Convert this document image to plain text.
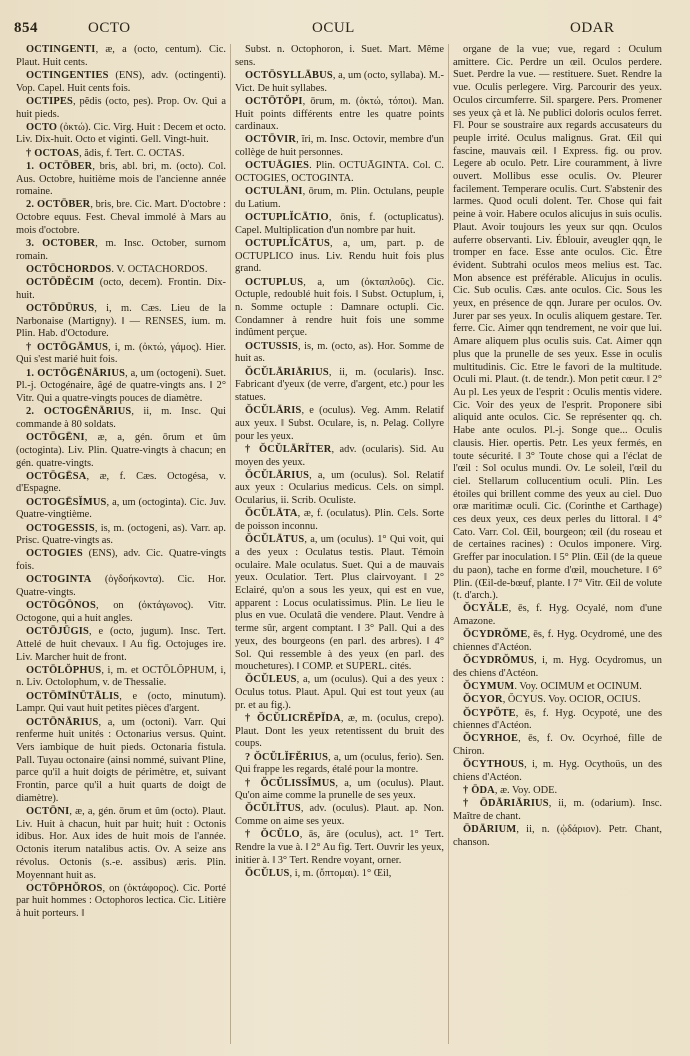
854	OCTO	OCUL	ODAR

OCTINGENTI, æ, a (octo, centum). Cic. Plaut. Huit cents.

OCTINGENTIES (ENS), adv. (octingenti). Vop. Capel. Huit cents fois.

OCTIPES, pĕdis (octo, pes). Prop. Ov. Qui a huit pieds.

OCTO (ὀκτώ). Cic. Virg. Huit : Decem et octo. Liv. Dix-huit. Octo et viginti. Gell. Vingt-huit.

† OCTOAS, ădis, f. Tert. C. OCTAS.

1. OCTŌBER, bris, abl. bri, m. (octo). Col. Aus. Octobre, huitième mois de l'ancienne année romaine.

2. OCTŌBER, bris, bre. Cic. Mart. D'octobre : Octobre equus. Fest. Cheval immolé à Mars au mois d'octobre.

3. OCTOBER, m. Insc. October, surnom romain.

OCTŌCHORDOS. V. OCTACHORDOS.

OCTŌDĔCIM (octo, decem). Frontin. Dix-huit.

OCTŌDŪRUS, i, m. Cæs. Lieu de la Narbonaise (Martigny). ‖ — RENSES, ium. m. Plin. Hab. d'Octodure.

† OCTŌGĀMUS, i, m. (ὀκτώ, γάμος). Hier. Qui s'est marié huit fois.

1. OCTŌGĒNĀRIUS, a, um (octogeni). Suet. Pl.-j. Octogénaire, âgé de quatre-vingts ans. ‖ 2° Vitr. Qui a quatre-vingts pouces de diamètre.

2. OCTOGĒNĀRIUS, ii, m. Insc. Qui commande à 80 soldats.

OCTŌGĒNI, æ, a, gén. ōrum et ûm (octoginta). Liv. Plin. Quatre-vingts à chacun; en gén. quatre-vingts.

OCTŌGĒSA, æ, f. Cæs. Octogésa, v. d'Espagne.

OCTOGĒSĬMUS, a, um (octoginta). Cic. Juv. Quatre-vingtième.

OCTOGESSIS, is, m. (octogeni, as). Varr. ap. Prisc. Quatre-vingts as.

OCTOGIES (ENS), adv. Cic. Quatre-vingts fois.

OCTOGINTA (ὀγδοήκοντα). Cic. Hor. Quatre-vingts.

OCTŌGŌNOS, on (ὀκτάγωνος). Vitr. Octogone, qui a huit angles.

OCTŌJŪGIS, e (octo, jugum). Insc. Tert. Attelé de huit chevaux. ‖ Au fig. Octojuges ire. Liv. Marcher huit de front.

OCTŌLŎPHUS, i, m. et OCTŌLŎPHUM, i, n. Liv. Octolophum, v. de Thessalie.

OCTŌMĪNŪTĀLIS, e (octo, minutum). Lampr. Qui vaut huit petites pièces d'argent.

OCTŌNĀRIUS, a, um (octoni). Varr. Qui renferme huit unités : Octonarius versus. Quint. Vers iambique de huit pieds. Octonaria fistula. Pall. Tuyau octonaire (ainsi nommé, suivant Pline, parce qu'il a huit doigts de périmètre, et, suivant Frontin, parce qu'il a huit quarts de doigt de diamètre).

OCTŌNI, æ, a, gén. ōrum et ûm (octo). Plaut. Liv. Huit à chacun, huit par huit; huit : Octonis idibus. Hor. Aux ides de huit mois de l'année. Octonis iterum natalibus actis. Ov. A seize ans révolus. Octonis (s.-e. assibus) æris. Plin. Moyennant huit as.

OCTŌPHŎROS, on (ὀκτάφορος). Cic. Porté par huit hommes : Octophoros lectica. Cic. Litière à huit porteurs. ‖

Subst. n. Octophoron, i. Suet. Mart. Même sens.

OCTŌSYLLĀBUS, a, um (octo, syllaba). M.-Vict. De huit syllabes.

OCTŌTŎPI, ōrum, m. (ὀκτώ, τόποι). Man. Huit points différents entre les quatre points cardinaux.

OCTŌVIR, ĭri, m. Insc. Octovir, membre d'un collège de huit personnes.

OCTUĀGIES. Plin. OCTUĀGINTA. Col. C. OCTOGIES, OCTOGINTA.

OCTULĀNI, ōrum, m. Plin. Octulans, peuple du Latium.

OCTUPLĬCĀTIO, ōnis, f. (octuplicatus). Capel. Multiplication d'un nombre par huit.

OCTUPLĬCĀTUS, a, um, part. p. de OCTUPLICO inus. Liv. Rendu huit fois plus grand.

OCTUPLUS, a, um (ὀκταπλοῦς). Cic. Octuple, redoublé huit fois. ‖ Subst. Octuplum, i, n. Somme octuple : Damnare octupli. Cic. Condamner à rendre huit fois une somme indûment perçue.

OCTUSSIS, is, m. (octo, as). Hor. Somme de huit as.

ŎCŬLĀRIĀRIUS, ii, m. (ocularis). Insc. Fabricant d'yeux (de verre, d'argent, etc.) pour les statues.

ŎCŬLĀRIS, e (oculus). Veg. Amm. Relatif aux yeux. ‖ Subst. Oculare, is, n. Pelag. Collyre pour les yeux.

† ŎCŬLĀRĬTER, adv. (ocularis). Sid. Au moyen des yeux.

ŎCŬLĀRIUS, a, um (oculus). Sol. Relatif aux yeux : Ocularius medicus. Cels. on simpl. Ocularius, ii. Scrib. Oculiste.

ŎCŬLĀTA, æ, f. (oculatus). Plin. Cels. Sorte de poisson inconnu.

ŎCŬLĀTUS, a, um (oculus). 1° Qui voit, qui a des yeux : Oculatus testis. Plaut. Témoin oculaire. Male oculatus. Suet. Qui a de mauvais yeux. Oculatior. Tert. Plus clairvoyant. ‖ 2° Eclairé, qu'on a sous les yeux, qui est en vue, apparent : Locus oculatissimus. Plin. Le lieu le plus en vue. Oculatâ die vendere. Plaut. Vendre à terme sûr, argent comptant. ‖ 3° Pall. Qui a des yeux, des bourgeons (en parl. des arbres). ‖ 4° Sol. Qui ressemble à des yeux (en parl. des mouchetures). ‖ COMP. et SUPERL. cités.

ŎCŬLEUS, a, um (oculus). Qui a des yeux : Oculus totus. Plaut. Apul. Qui est tout yeux (au pr. et au fig.).

† ŎCŬLICRĔPĬDA, æ, m. (oculus, crepo). Plaut. Dont les yeux retentissent du bruit des coups.

? ŎCŬLĬFĔRIUS, a, um (oculus, ferio). Sen. Qui frappe les regards, étalé pour la montre.

† ŎCŬLISSĬMUS, a, um (oculus). Plaut. Qu'on aime comme la prunelle de ses yeux.

ŎCŬLĬTUS, adv. (oculus). Plaut. ap. Non. Comme on aime ses yeux.

† ŎCŬLO, ās, āre (oculus), act. 1° Tert. Rendre la vue à. ‖ 2° Au fig. Tert. Ouvrir les yeux, initier à. ‖ 3° Tert. Rendre voyant, orner.

ŎCŬLUS, i, m. (ὄπτομαι). 1° Œil,

organe de la vue; vue, regard : Oculum amittere. Cic. Perdre un œil. Oculos perdere. Suet. Perdre la vue. — restituere. Suet. Rendre la vue. Oculis perlegere. Virg. Parcourir des yeux. Oculos circumferre. Sil. spargere. Pers. Promener ses yeux çà et là. Ne publici doloris oculos ferret. Fl. Pour se soustraire aux regards accusateurs du peuple irrité. Oculus malignus. Grat. Œil qui fascine, mauvais œil. ‖ Express. fig. ou prov. Legere ab oculo. Petr. Lire couramment, à livre ouvert. Mollibus esse oculis. Ov. Pleurer facilement. Temperare oculis. Curt. S'abstenir des larmes. Quod oculi dolent. Ter. Chose qui fait peine à voir. Habere oculos alicujus in suis oculis. Plaut. Avoir toujours les yeux sur qqn. Oculos auferre observanti. Liv. Éblouir, aveugler qqn, le tromper en face. Esse ante oculos. Cic. Être évident. Subtrahi oculos meos melius est. Tac. Mon absence est préférable. Alicujus in oculis. Cic. Sub oculis. Cæs. ante oculos. Cic. Sous les yeux, en présence de qqn. Jurare per oculos. Ov. Jurer par ses yeux. In oculis aliquem gestare. Ter. ferre. Cic. Aimer qqn tendrement, ne voir que lui. Amare aliquem plus oculis suis. Cat. Aimer qqn plus que la prunelle de ses yeux. Esse in oculis multitudinis. Cic. Etre le favori de la multitude. Oculi mi. Plaut. (t. de tendr.). Mon petit cœur. ‖ 2° Au pl. Les yeux de l'esprit : Oculis mentis videre. Cic. Voir des yeux de l'esprit. Proponere sibi aliquid ante oculos. Cic. Se représenter qq. ch. Habe ante oculos. Pl.-j. Songe que... Oculis clausis. Hier. opertis. Petr. Les yeux fermés, en toute sécurité. ‖ 3° Toute chose qui a l'éclat de l'œil : Sol oculus mundi. Ov. Le soleil, l'œil du ciel. Stellarum collucentium oculi. Plin. Les étoiles qui brillent comme des yeux au ciel. Duo oræ maritimæ oculi. Cic. (Corinthe et Carthage) ces deux yeux, ces deux perles du littoral. ‖ 4° Cato. Varr. Col. Œil, bourgeon; œil (du roseau et de certaines racines) : Oculos imponere. Virg. Greffer par inoculation. ‖ 5° Plin. Œil (de la queue du paon), tache en forme d'œil, moucheture. ‖ 6° Plin. (Œil-de-bœuf, plante. ‖ 7° Vitr. Œil de volute (t. d'arch.).

ŎCYĂLE, ēs, f. Hyg. Ocyalé, nom d'une Amazone.

ŎCYDRŎME, ēs, f. Hyg. Ocydromé, une des chiennes d'Actéon.

ŎCYDRŎMUS, i, m. Hyg. Ocydromus, un des chiens d'Actéon.

ŎCYMUM. Voy. OCIMUM et OCINUM.

ŎCYOR, ŎCYUS. Voy. OCIOR, OCIUS.

ŎCYPŎTE, ēs, f. Hyg. Ocypoté, une des chiennes d'Actéon.

ŎCYRHOE, ēs, f. Ov. Ocyrhoé, fille de Chiron.

ŎCYTHOUS, i, m. Hyg. Ocythoüs, un des chiens d'Actéon.

† ŌDA, æ. Voy. ODE.

† ŌDĀRIĀRIUS, ii, m. (odarium). Insc. Maître de chant.

ŌDĀRIUM, ii, n. (ᾠδάριον). Petr. Chant, chanson.
